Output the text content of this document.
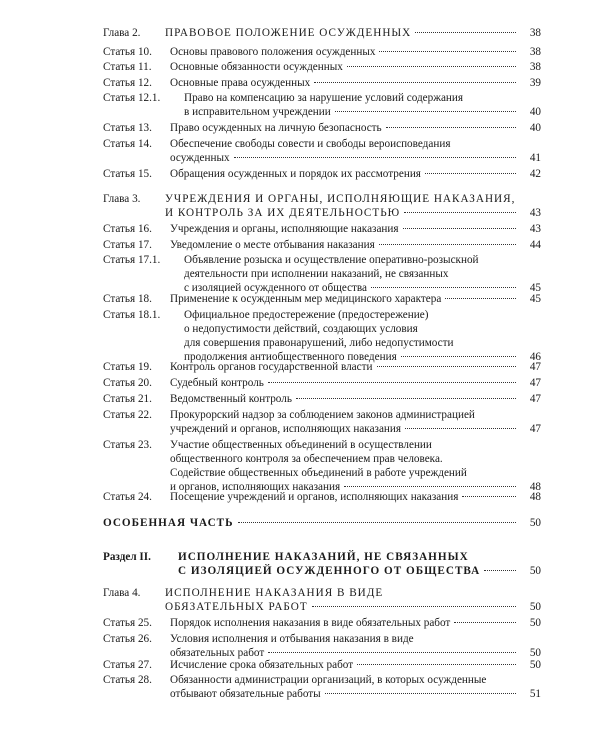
Глава 2. ПРАВОВОЕ ПОЛОЖЕНИЕ ОСУЖДЕННЫХ	38
Статья 10. Основы правового положения осужденных	38
Статья 11. Основные обязанности осужденных	38
Статья 12. Основные права осужденных	39
Статья 12.1. Право на компенсацию за нарушение условий содержания
в исправительном учреждении	40
Статья 13. Право осужденных на личную безопасность	40
Статья 14. Обеспечение свободы совести и свободы вероисповедания
осужденных	41
Статья 15. Обращения осужденных и порядок их рассмотрения	42
Глава 3. УЧРЕЖДЕНИЯ И ОРГАНЫ, ИСПОЛНЯЮЩИЕ НАКАЗАНИЯ,
И КОНТРОЛЬ ЗА ИХ ДЕЯТЕЛЬНОСТЬЮ	43
Статья 16. Учреждения и органы, исполняющие наказания	43
Статья 17. Уведомление о месте отбывания наказания	44
Статья 17.1. Объявление розыска и осуществление оперативно-розыскной
деятельности при исполнении наказаний, не связанных
с изоляцией осужденного от общества	45
Статья 18. Применение к осужденным мер медицинского характера	45
Статья 18.1. Официальное предостережение (предостережение)
о недопустимости действий, создающих условия
для совершения правонарушений, либо недопустимости
продолжения антиобщественного поведения	46
Статья 19. Контроль органов государственной власти	47
Статья 20. Судебный контроль	47
Статья 21. Ведомственный контроль	47
Статья 22. Прокурорский надзор за соблюдением законов администрацией
учреждений и органов, исполняющих наказания	47
Статья 23. Участие общественных объединений в осуществлении
общественного контроля за обеспечением прав человека.
Содействие общественных объединений в работе учреждений
и органов, исполняющих наказания	48
Статья 24. Посещение учреждений и органов, исполняющих наказания	48
ОСОБЕННАЯ ЧАСТЬ	50
Раздел II. ИСПОЛНЕНИЕ НАКАЗАНИЙ, НЕ СВЯЗАННЫХ
С ИЗОЛЯЦИЕЙ ОСУЖДЕННОГО ОТ ОБЩЕСТВА	50
Глава 4. ИСПОЛНЕНИЕ НАКАЗАНИЯ В ВИДЕ
ОБЯЗАТЕЛЬНЫХ РАБОТ	50
Статья 25. Порядок исполнения наказания в виде обязательных работ	50
Статья 26. Условия исполнения и отбывания наказания в виде
обязательных работ	50
Статья 27. Исчисление срока обязательных работ	50
Статья 28. Обязанности администрации организаций, в которых осужденные
отбывают обязательные работы	51
